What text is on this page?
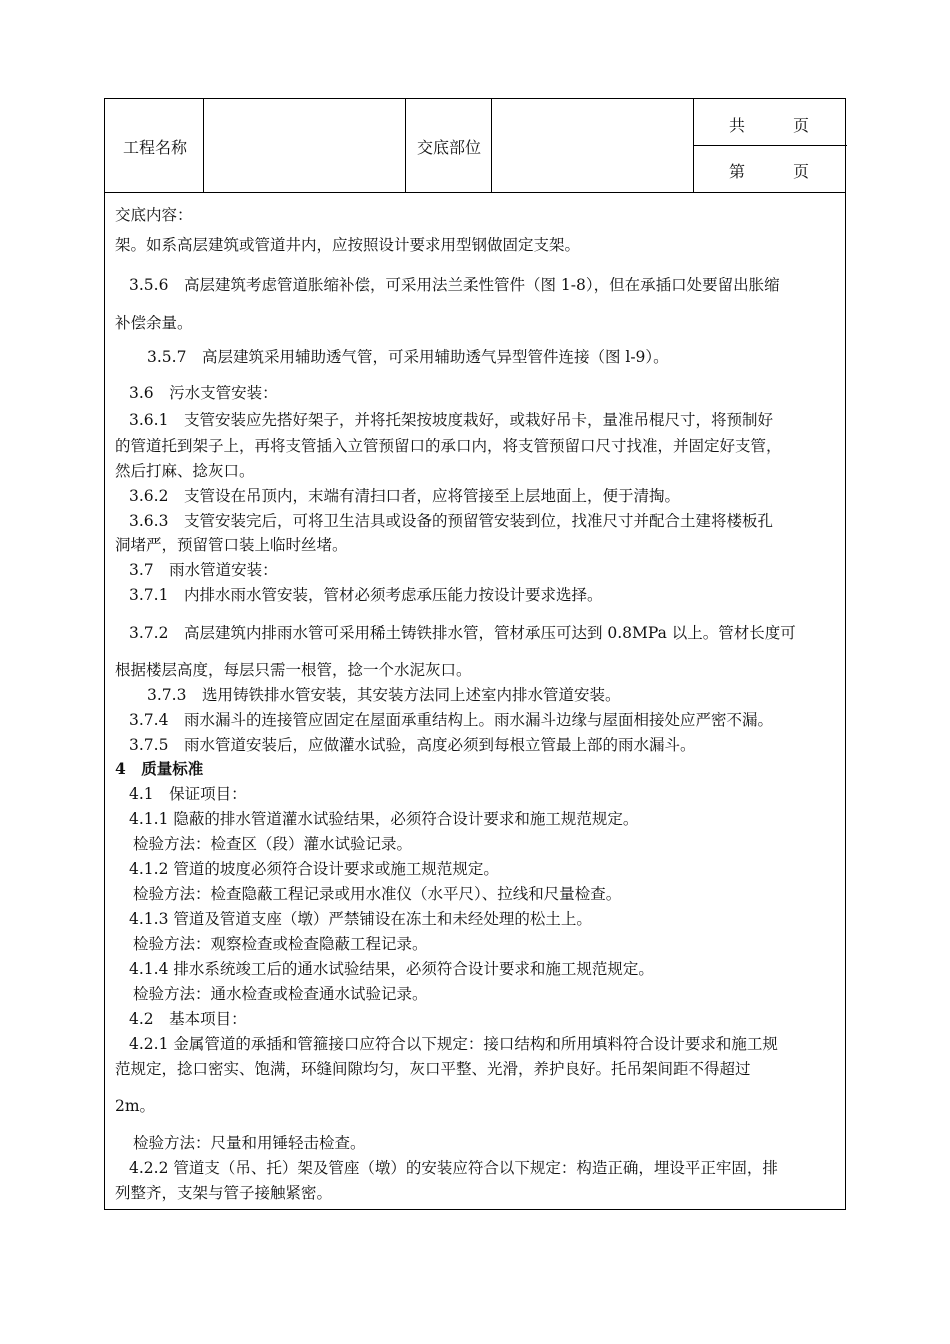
工程名称	交底部位
共　　　页
第　　　页
交底内容：
架。如系高层建筑或管道井内，应按照设计要求用型钢做固定支架。
3.5.6　高层建筑考虑管道胀缩补偿，可采用法兰柔性管件（图 1-8），但在承插口处要留出胀缩
补偿余量。
3.5.7　高层建筑采用辅助透气管，可采用辅助透气异型管件连接（图 l-9）。
3.6　污水支管安装：
3.6.1　支管安装应先搭好架子，并将托架按坡度栽好，或栽好吊卡，量准吊棍尺寸，将预制好
的管道托到架子上，再将支管插入立管预留口的承口内，将支管预留口尺寸找准，并固定好支管，
然后打麻、捻灰口。
3.6.2　支管设在吊顶内，末端有清扫口者，应将管接至上层地面上，便于清掏。
3.6.3　支管安装完后，可将卫生洁具或设备的预留管安装到位，找准尺寸并配合土建将楼板孔
洞堵严，预留管口装上临时丝堵。
3.7　雨水管道安装：
3.7.1　内排水雨水管安装，管材必须考虑承压能力按设计要求选择。
3.7.2　高层建筑内排雨水管可采用稀土铸铁排水管，管材承压可达到 0.8MPa 以上。管材长度可
根据楼层高度，每层只需一根管，捻一个水泥灰口。
3.7.3　选用铸铁排水管安装，其安装方法同上述室内排水管道安装。
3.7.4　雨水漏斗的连接管应固定在屋面承重结构上。雨水漏斗边缘与屋面相接处应严密不漏。
3.7.5　雨水管道安装后，应做灌水试验，高度必须到每根立管最上部的雨水漏斗。
4　质量标准
4.1　保证项目：
4.1.1 隐蔽的排水管道灌水试验结果，必须符合设计要求和施工规范规定。
检验方法：检查区（段）灌水试验记录。
4.1.2 管道的坡度必须符合设计要求或施工规范规定。
检验方法：检查隐蔽工程记录或用水准仪（水平尺）、拉线和尺量检查。
4.1.3 管道及管道支座（墩）严禁铺设在冻土和未经处理的松土上。
检验方法：观察检查或检查隐蔽工程记录。
4.1.4 排水系统竣工后的通水试验结果，必须符合设计要求和施工规范规定。
检验方法：通水检查或检查通水试验记录。
4.2　基本项目：
4.2.1 金属管道的承插和管箍接口应符合以下规定：接口结构和所用填料符合设计要求和施工规
范规定，捻口密实、饱满，环缝间隙均匀，灰口平整、光滑，养护良好。托吊架间距不得超过
2m。
检验方法：尺量和用锤轻击检查。
4.2.2 管道支（吊、托）架及管座（墩）的安装应符合以下规定：构造正确，埋设平正牢固，排
列整齐，支架与管子接触紧密。
